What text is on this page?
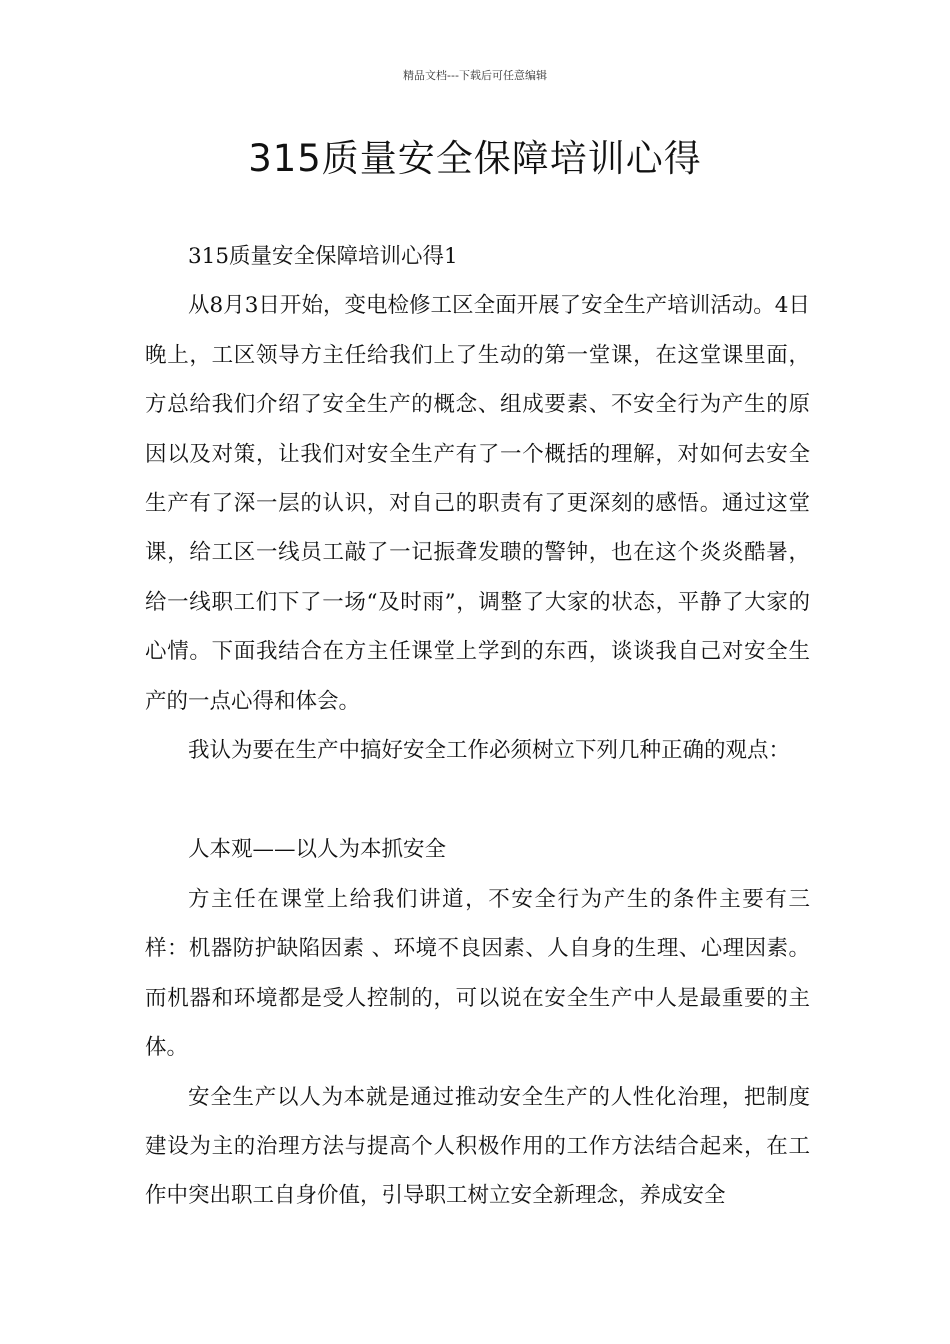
精品文档---下载后可任意编辑
315质量安全保障培训心得

315质量安全保障培训心得1

从8月3日开始，变电检修工区全面开展了安全生产培训活动。4日晚上，工区领导方主任给我们上了生动的第一堂课，在这堂课里面，方总给我们介绍了安全生产的概念、组成要素、不安全行为产生的原因以及对策，让我们对安全生产有了一个概括的理解，对如何去安全生产有了深一层的认识，对自己的职责有了更深刻的感悟。通过这堂课，给工区一线员工敲了一记振聋发聩的警钟，也在这个炎炎酷暑，给一线职工们下了一场“及时雨”，调整了大家的状态，平静了大家的心情。下面我结合在方主任课堂上学到的东西，谈谈我自己对安全生产的一点心得和体会。

我认为要在生产中搞好安全工作必须树立下列几种正确的观点：

人本观——以人为本抓安全

方主任在课堂上给我们讲道，不安全行为产生的条件主要有三样：机器防护缺陷因素 、环境不良因素、人自身的生理、心理因素。而机器和环境都是受人控制的，可以说在安全生产中人是最重要的主体。

安全生产以人为本就是通过推动安全生产的人性化治理，把制度建设为主的治理方法与提高个人积极作用的工作方法结合起来，在工作中突出职工自身价值，引导职工树立安全新理念，养成安全
